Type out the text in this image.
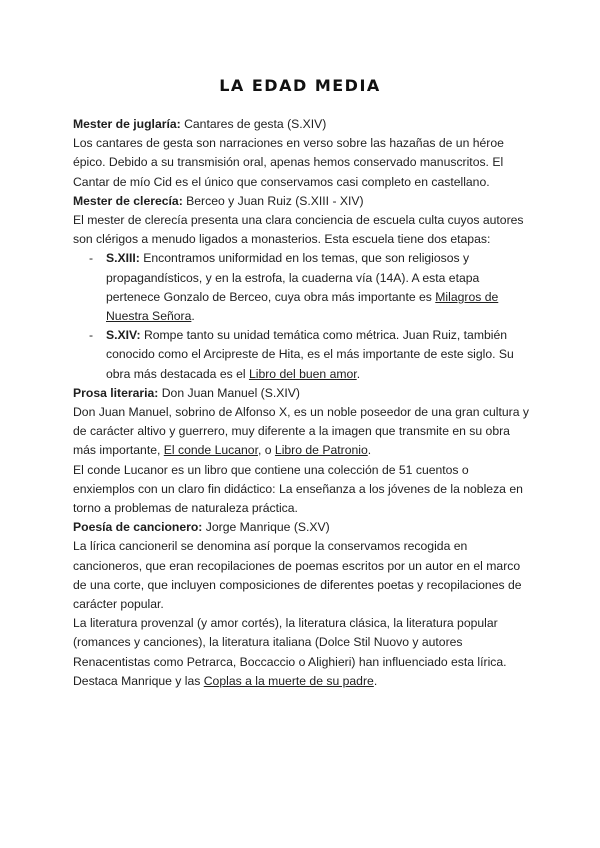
LA EDAD MEDIA

Mester de juglaría: Cantares de gesta (S.XIV)

Los cantares de gesta son narraciones en verso sobre las hazañas de un héroe épico. Debido a su transmisión oral, apenas hemos conservado manuscritos. El Cantar de mío Cid es el único que conservamos casi completo en castellano.

Mester de clerecía: Berceo y Juan Ruiz (S.XIII - XIV)

El mester de clerecía presenta una clara conciencia de escuela culta cuyos autores son clérigos a menudo ligados a monasterios. Esta escuela tiene dos etapas:

- S.XIII: Encontramos uniformidad en los temas, que son religiosos y propagandísticos, y en la estrofa, la cuaderna vía (14A). A esta etapa pertenece Gonzalo de Berceo, cuya obra más importante es Milagros de Nuestra Señora.
- S.XIV: Rompe tanto su unidad temática como métrica. Juan Ruiz, también conocido como el Arcipreste de Hita, es el más importante de este siglo. Su obra más destacada es el Libro del buen amor.

Prosa literaria: Don Juan Manuel (S.XIV)

Don Juan Manuel, sobrino de Alfonso X, es un noble poseedor de una gran cultura y de carácter altivo y guerrero, muy diferente a la imagen que transmite en su obra más importante, El conde Lucanor, o Libro de Patronio.

El conde Lucanor es un libro que contiene una colección de 51 cuentos o enxiemplos con un claro fin didáctico: La enseñanza a los jóvenes de la nobleza en torno a problemas de naturaleza práctica.

Poesía de cancionero: Jorge Manrique (S.XV)

La lírica cancioneril se denomina así porque la conservamos recogida en cancioneros, que eran recopilaciones de poemas escritos por un autor en el marco de una corte, que incluyen composiciones de diferentes poetas y recopilaciones de carácter popular.

La literatura provenzal (y amor cortés), la literatura clásica, la literatura popular (romances y canciones), la literatura italiana (Dolce Stil Nuovo y autores Renacentistas como Petrarca, Boccaccio o Alighieri) han influenciado esta lírica.

Destaca Manrique y las Coplas a la muerte de su padre.
